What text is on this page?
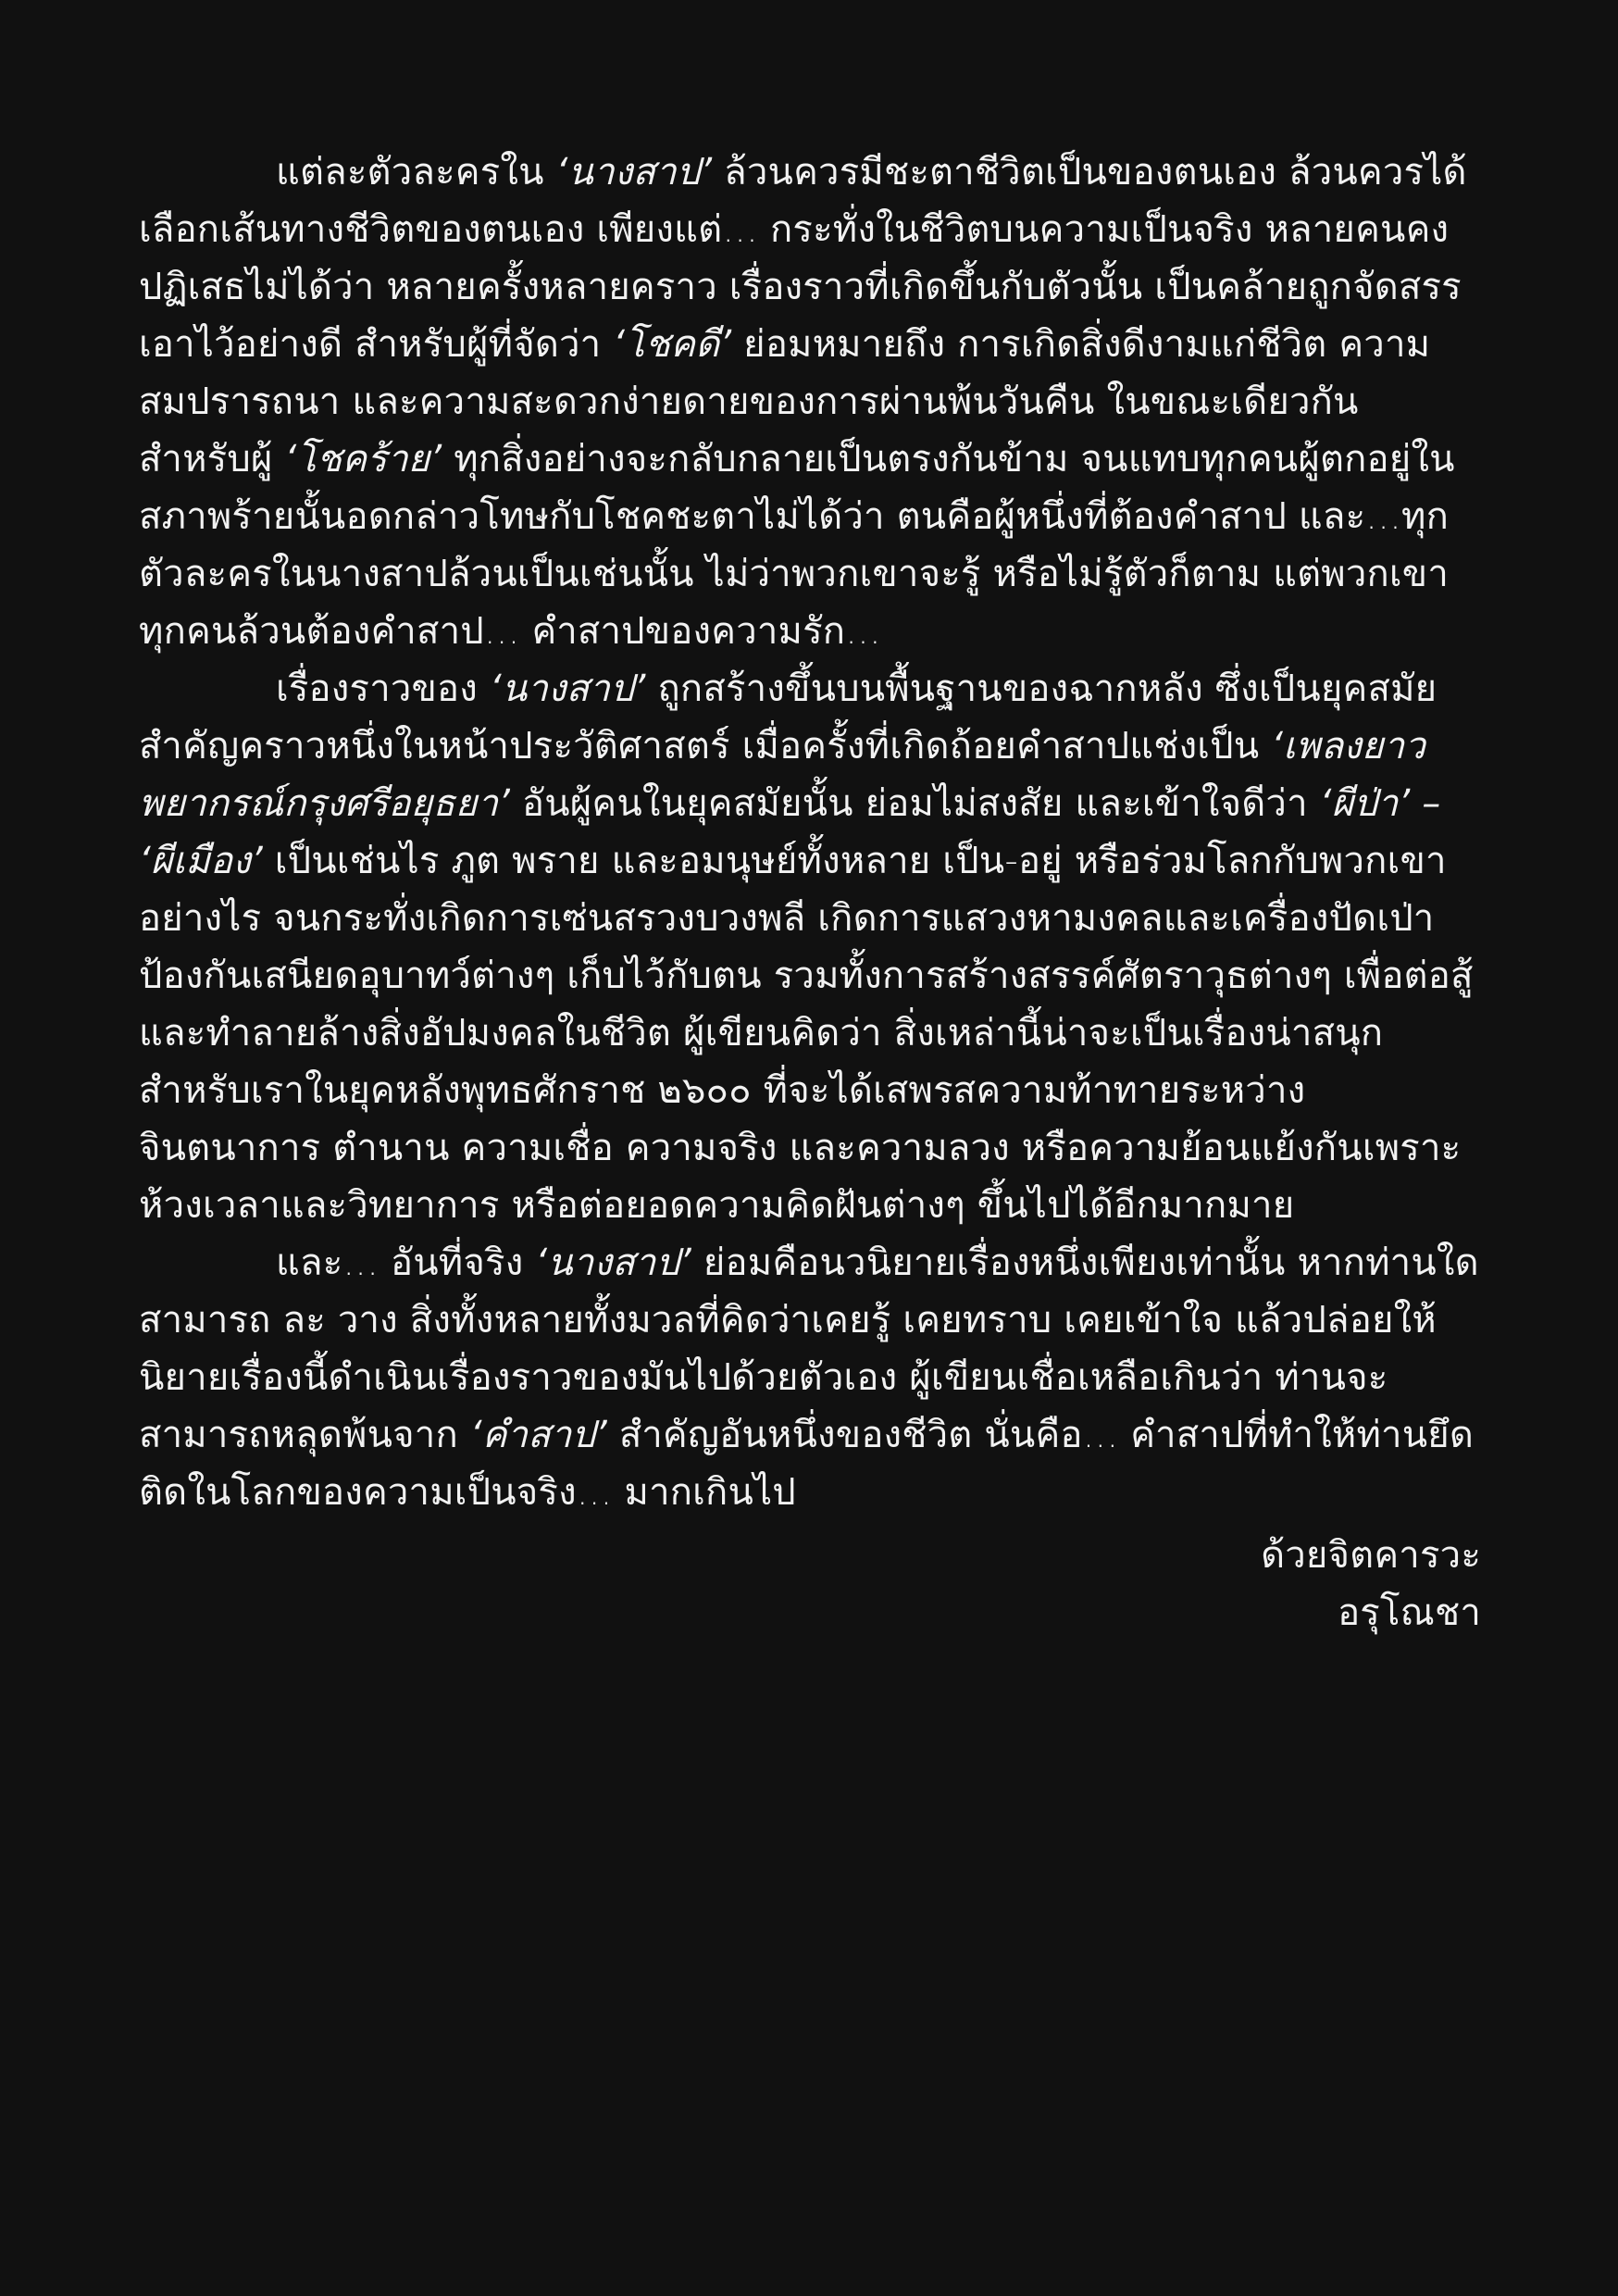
แต่ละตัวละครใน ‘นางสาป’ ล้วนควรมีชะตาชีวิตเป็นของตนเอง ล้วนควรได้เลือกเส้นทางชีวิตของตนเอง เพียงแต่... กระทั่งในชีวิตบนความเป็นจริง หลายคนคงปฏิเสธไม่ได้ว่า หลายครั้งหลายคราว เรื่องราวที่เกิดขึ้นกับตัวนั้น เป็นคล้ายถูกจัดสรรเอาไว้อย่างดี สำหรับผู้ที่จัดว่า ‘โชคดี’ ย่อมหมายถึง การเกิดสิ่งดีงามแก่ชีวิต ความสมปรารถนา และความสะดวกง่ายดายของการผ่านพ้นวันคืน ในขณะเดียวกัน สำหรับผู้ ‘โชคร้าย’ ทุกสิ่งอย่างจะกลับกลายเป็นตรงกันข้าม จนแทบทุกคนผู้ตกอยู่ในสภาพร้ายนั้นอดกล่าวโทษกับโชคชะตาไม่ได้ว่า ตนคือผู้หนึ่งที่ต้องคำสาป และ...ทุกตัวละครในนางสาปล้วนเป็นเช่นนั้น ไม่ว่าพวกเขาจะรู้ หรือไม่รู้ตัวก็ตาม แต่พวกเขาทุกคนล้วนต้องคำสาป... คำสาปของความรัก...

เรื่องราวของ ‘นางสาป’ ถูกสร้างขึ้นบนพื้นฐานของฉากหลัง ซึ่งเป็นยุคสมัยสำคัญคราวหนึ่งในหน้าประวัติศาสตร์ เมื่อครั้งที่เกิดถ้อยคำสาปแช่งเป็น ‘เพลงยาวพยากรณ์กรุงศรีอยุธยา’ อันผู้คนในยุคสมัยนั้น ย่อมไม่สงสัย และเข้าใจดีว่า ‘ผีป่า’ – ‘ผีเมือง’ เป็นเช่นไร ภูต พราย และอมนุษย์ทั้งหลาย เป็น-อยู่ หรือร่วมโลกกับพวกเขาอย่างไร จนกระทั่งเกิดการเซ่นสรวงบวงพลี เกิดการแสวงหามงคลและเครื่องปัดเป่าป้องกันเสนียดอุบาทว์ต่างๆ เก็บไว้กับตน รวมทั้งการสร้างสรรค์ศัตราวุธต่างๆ เพื่อต่อสู้และทำลายล้างสิ่งอัปมงคลในชีวิต ผู้เขียนคิดว่า สิ่งเหล่านี้น่าจะเป็นเรื่องน่าสนุก สำหรับเราในยุคหลังพุทธศักราช ๒๖๐๐ ที่จะได้เสพรสความท้าทายระหว่างจินตนาการ ตำนาน ความเชื่อ ความจริง และความลวง หรือความย้อนแย้งกันเพราะห้วงเวลาและวิทยาการ หรือต่อยอดความคิดฝันต่างๆ ขึ้นไปได้อีกมากมาย

และ... อันที่จริง ‘นางสาป’ ย่อมคือนวนิยายเรื่องหนึ่งเพียงเท่านั้น หากท่านใดสามารถ ละ วาง สิ่งทั้งหลายทั้งมวลที่คิดว่าเคยรู้ เคยทราบ เคยเข้าใจ แล้วปล่อยให้นิยายเรื่องนี้ดำเนินเรื่องราวของมันไปด้วยตัวเอง ผู้เขียนเชื่อเหลือเกินว่า ท่านจะสามารถหลุดพ้นจาก ‘คำสาป’ สำคัญอันหนึ่งของชีวิต นั่นคือ... คำสาปที่ทำให้ท่านยึดติดในโลกของความเป็นจริง... มากเกินไป

ด้วยจิตคารวะ
อรุโณชา
